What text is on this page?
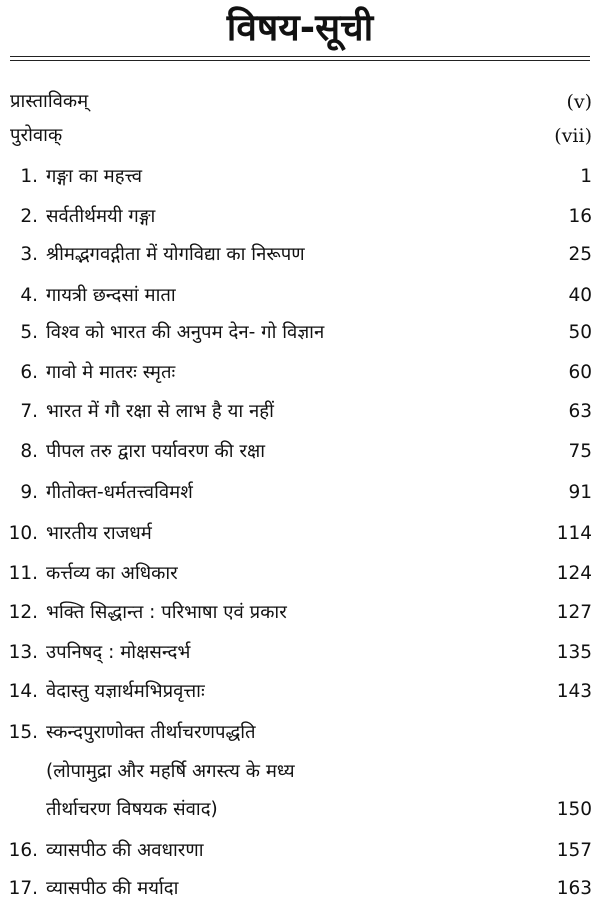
विषय-सूची
प्रास्ताविकम्	(v)
पुरोवाक्	(vii)
1. गङ्गा का महत्त्व	1
2. सर्वतीर्थमयी गङ्गा	16
3. श्रीमद्भगवद्गीता में योगविद्या का निरूपण	25
4. गायत्री छन्दसां माता	40
5. विश्व को भारत की अनुपम देन- गो विज्ञान	50
6. गावो मे मातरः स्मृतः	60
7. भारत में गौ रक्षा से लाभ है या नहीं	63
8. पीपल तरु द्वारा पर्यावरण की रक्षा	75
9. गीतोक्त-धर्मतत्त्वविमर्श	91
10. भारतीय राजधर्म	114
11. कर्त्तव्य का अधिकार	124
12. भक्ति सिद्धान्त : परिभाषा एवं प्रकार	127
13. उपनिषद् : मोक्षसन्दर्भ	135
14. वेदास्तु यज्ञार्थमभिप्रवृत्ताः	143
15. स्कन्दपुराणोक्त तीर्थाचरणपद्धति
(लोपामुद्रा और महर्षि अगस्त्य के मध्य
तीर्थाचरण विषयक संवाद)	150
16. व्यासपीठ की अवधारणा	157
17. व्यासपीठ की मर्यादा	163
